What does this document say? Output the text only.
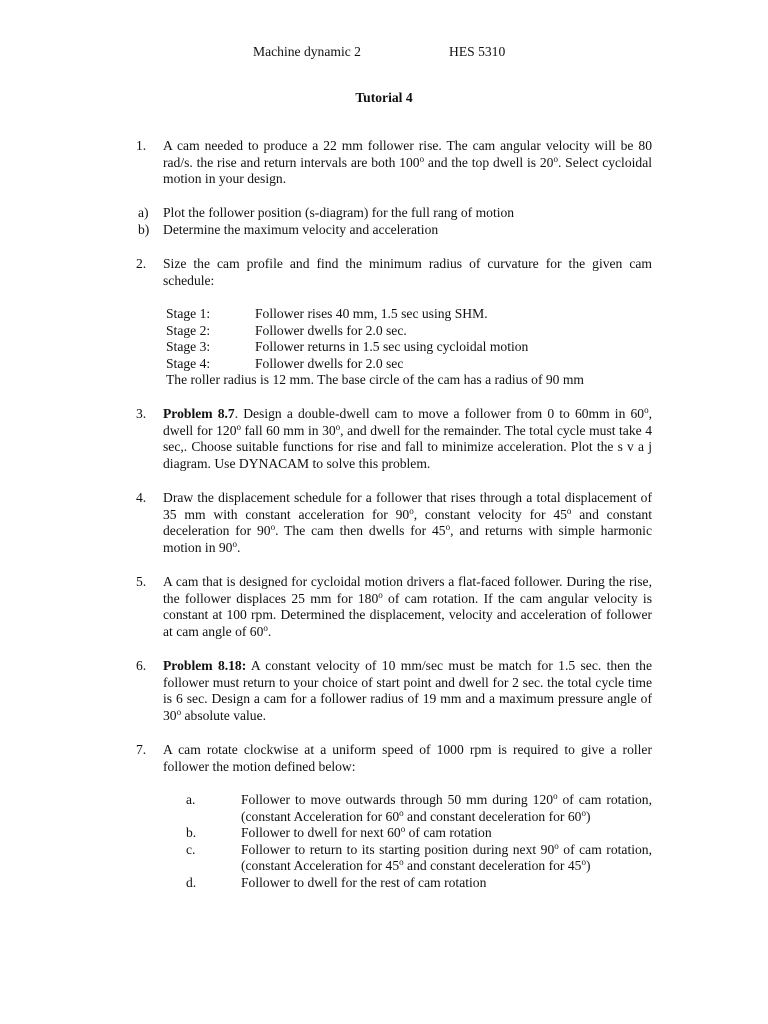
Machine dynamic 2	HES 5310
Tutorial 4
1. A cam needed to produce a 22 mm follower rise. The cam angular velocity will be 80 rad/s. the rise and return intervals are both 100$^o$ and the top dwell is 20$^o$. Select cycloidal motion in your design.
a) Plot the follower position (s-diagram) for the full rang of motion
b) Determine the maximum velocity and acceleration
2. Size the cam profile and find the minimum radius of curvature for the given cam schedule:
Stage 1:	Follower rises 40 mm, 1.5 sec using SHM.
Stage 2:	Follower dwells for 2.0 sec.
Stage 3:	Follower returns in 1.5 sec using cycloidal motion
Stage 4:	Follower dwells for 2.0 sec
The roller radius is 12 mm. The base circle of the cam has a radius of 90 mm
3. Problem 8.7. Design a double-dwell cam to move a follower from 0 to 60mm in 60$^o$, dwell for 120$^o$ fall 60 mm in 30$^o$, and dwell for the remainder. The total cycle must take 4 sec,. Choose suitable functions for rise and fall to minimize acceleration. Plot the s v a j diagram. Use DYNACAM to solve this problem.
4. Draw the displacement schedule for a follower that rises through a total displacement of 35 mm with constant acceleration for 90$^o$, constant velocity for 45$^o$ and constant deceleration for 90$^o$. The cam then dwells for 45$^o$, and returns with simple harmonic motion in 90$^o$.
5. A cam that is designed for cycloidal motion drivers a flat-faced follower. During the rise, the follower displaces 25 mm for 180$^o$ of cam rotation. If the cam angular velocity is constant at 100 rpm. Determined the displacement, velocity and acceleration of follower at cam angle of 60$^o$.
6. Problem 8.18: A constant velocity of 10 mm/sec must be match for 1.5 sec. then the follower must return to your choice of start point and dwell for 2 sec. the total cycle time is 6 sec. Design a cam for a follower radius of 19 mm and a maximum pressure angle of 30$^o$ absolute value.
7. A cam rotate clockwise at a uniform speed of 1000 rpm is required to give a roller follower the motion defined below:
a.	Follower to move outwards through 50 mm during 120$^o$ of cam rotation, (constant Acceleration for 60$^o$ and constant deceleration for 60$^o$)
b.	Follower to dwell for next 60$^o$ of cam rotation
c.	Follower to return to its starting position during next 90$^o$ of cam rotation, (constant Acceleration for 45$^o$ and constant deceleration for 45$^o$)
d.	Follower to dwell for the rest of cam rotation
